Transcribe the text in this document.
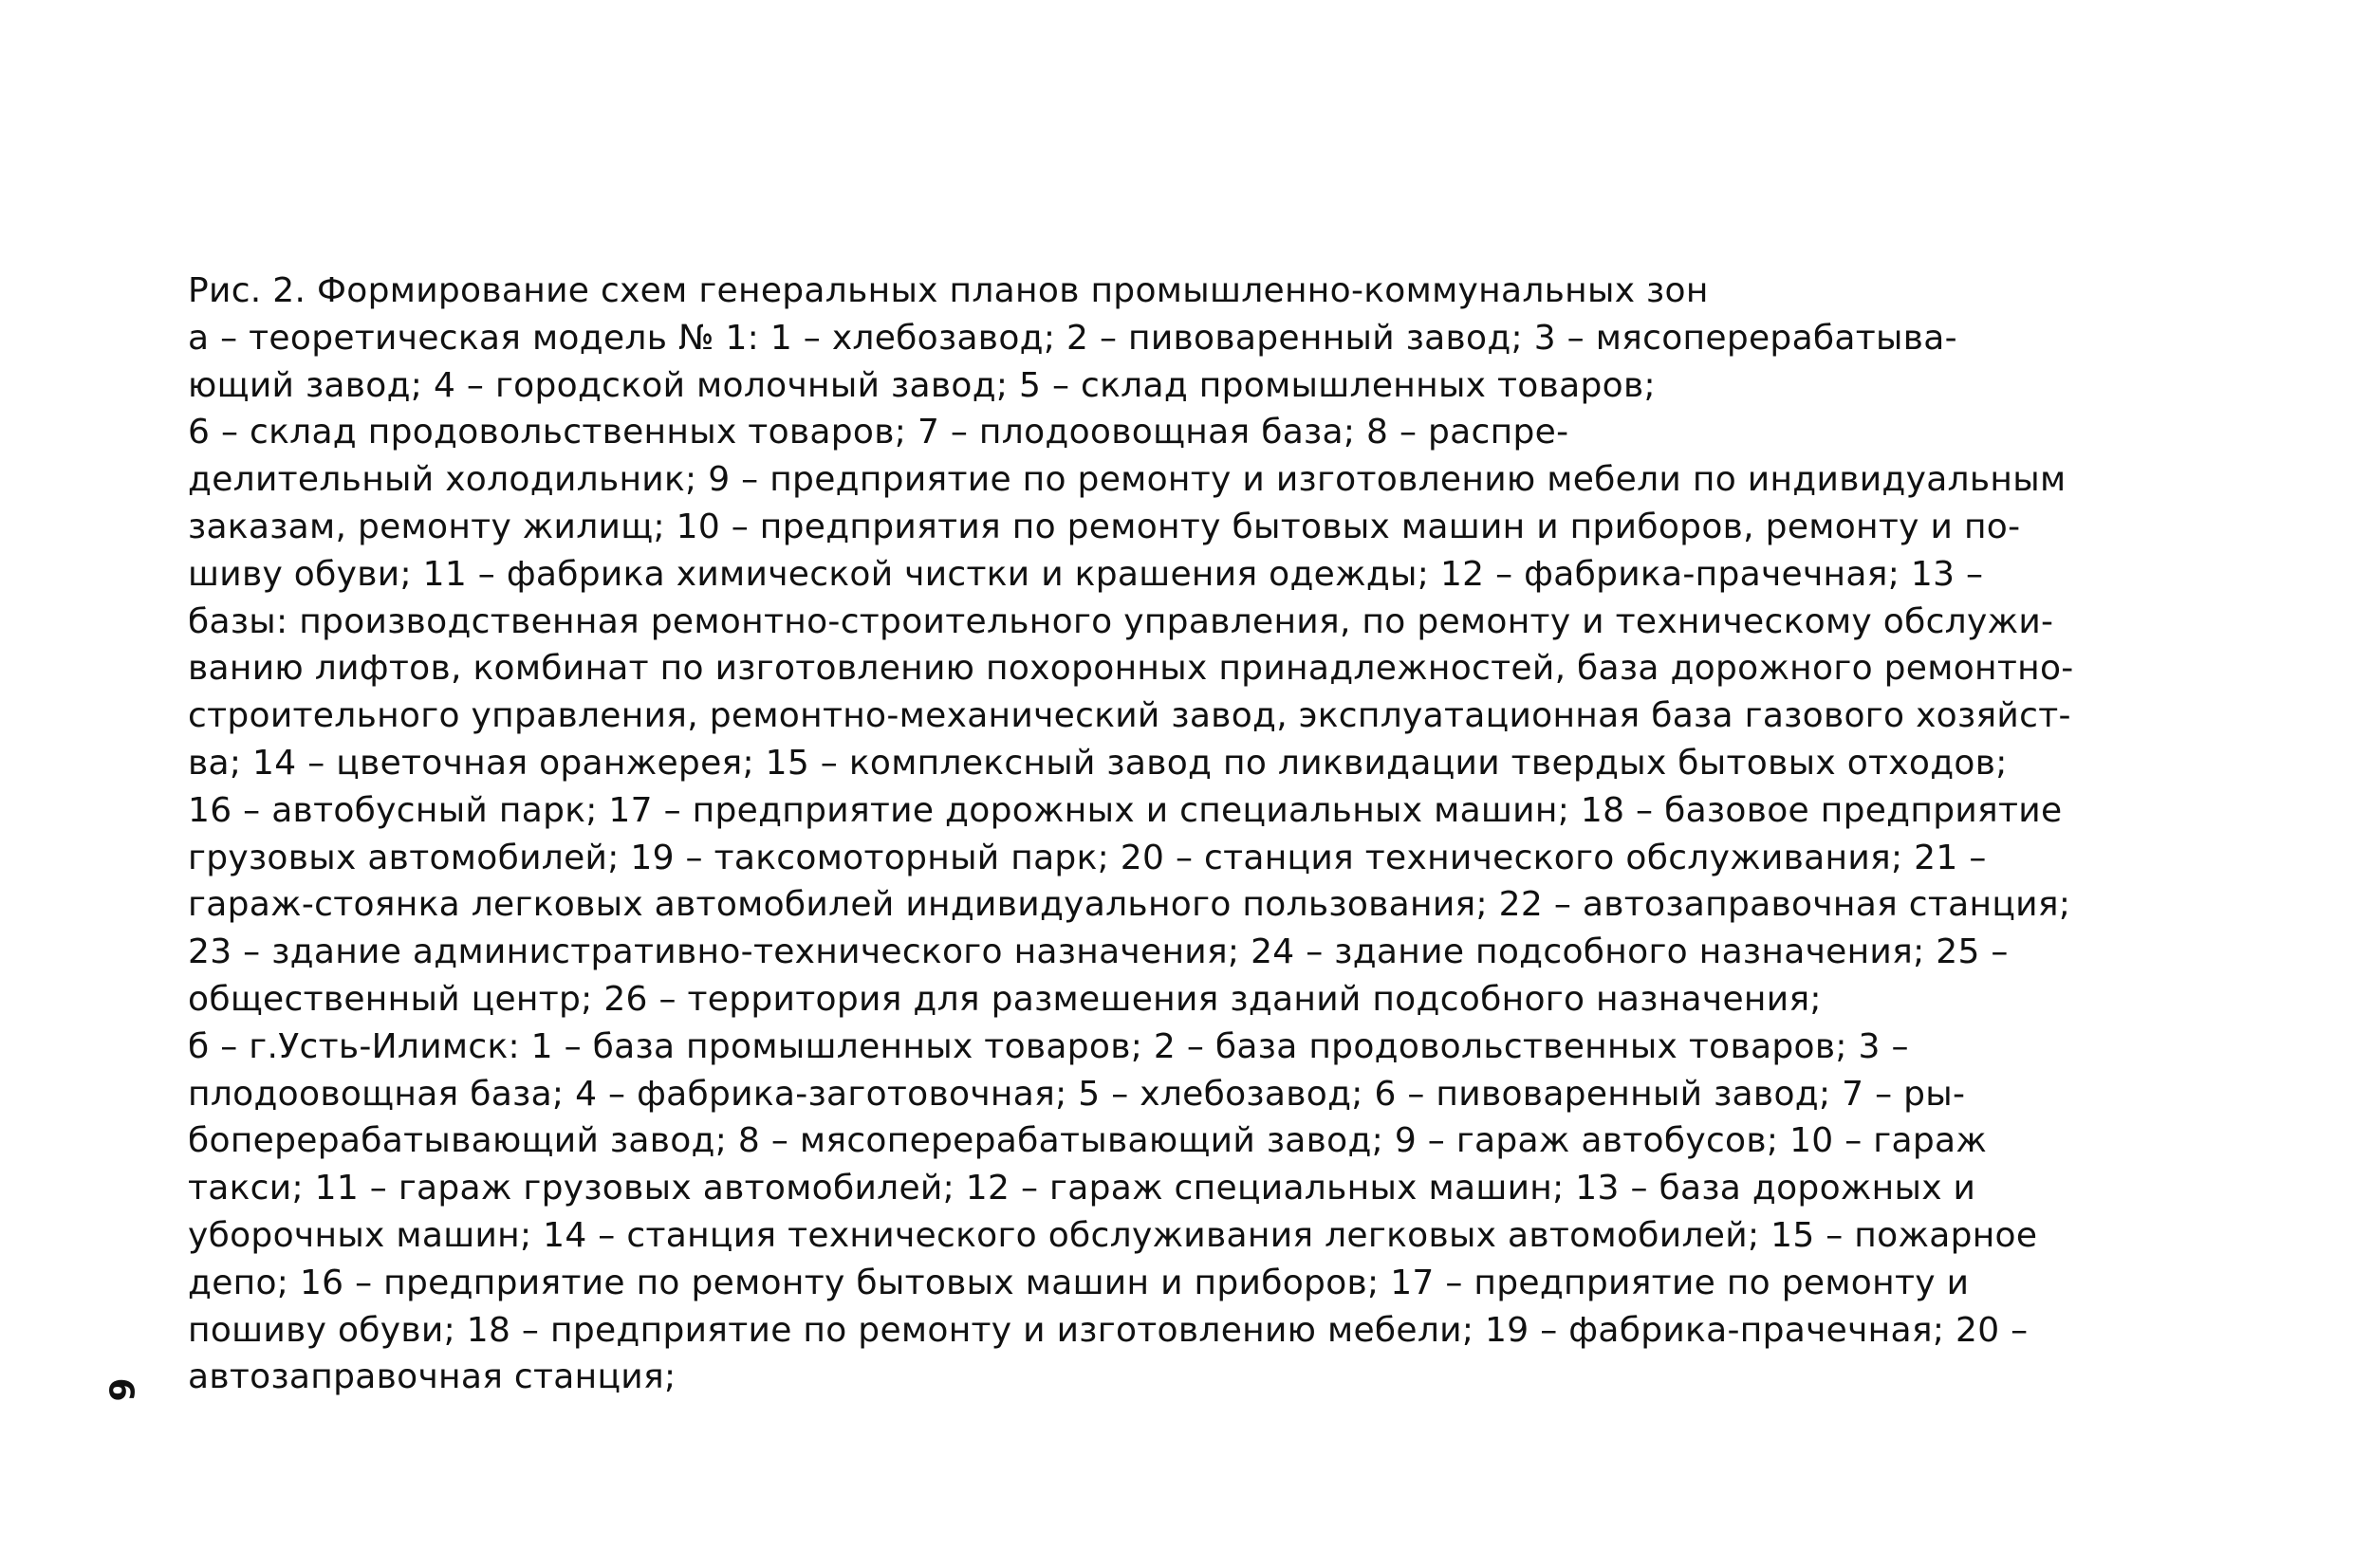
Рис. 2. Формирование схем генеральных планов промышленно-коммунальных зон
а – теоретическая модель № 1: 1 – хлебозавод; 2 – пивоваренный завод; 3 – мясоперерабатыва-
ющий завод; 4 – городской молочный завод; 5 – склад промышленных товаров;
6 – склад продовольственных товаров; 7 – плодоовощная база; 8 – распре-
делительный холодильник; 9 – предприятие по ремонту и изготовлению мебели по индивидуальным
заказам, ремонту жилищ; 10 – предприятия по ремонту бытовых машин и приборов, ремонту и по-
шиву обуви; 11 – фабрика химической чистки и крашения одежды; 12 – фабрика-прачечная; 13 –
базы: производственная ремонтно-строительного управления, по ремонту и техническому обслужи-
ванию лифтов, комбинат по изготовлению похоронных принадлежностей, база дорожного ремонтно-
строительного управления, ремонтно-механический завод, эксплуатационная база газового хозяйст-
ва; 14 – цветочная оранжерея; 15 – комплексный завод по ликвидации твердых бытовых отходов;
16 – автобусный парк; 17 – предприятие дорожных и специальных машин; 18 – базовое предприятие
грузовых автомобилей; 19 – таксомоторный парк; 20 – станция технического обслуживания; 21 –
гараж-стоянка легковых автомобилей индивидуального пользования; 22 – автозаправочная станция;
23 – здание административно-технического назначения; 24 – здание подсобного назначения; 25 –
общественный центр; 26 – территория для размешения зданий подсобного назначения;
б – г.Усть-Илимск: 1 – база промышленных товаров; 2 – база продовольственных товаров; 3 –
плодоовощная база; 4 – фабрика-заготовочная; 5 – хлебозавод; 6 – пивоваренный завод; 7 – ры-
боперерабатывающий завод; 8 – мясоперерабатывающий завод; 9 – гараж автобусов; 10 – гараж
такси; 11 – гараж грузовых автомобилей; 12 – гараж специальных машин; 13 – база дорожных и
уборочных машин; 14 – станция технического обслуживания легковых автомобилей; 15 – пожарное
депо; 16 – предприятие по ремонту бытовых машин и приборов; 17 – предприятие по ремонту и
пошиву обуви; 18 – предприятие по ремонту и изготовлению мебели; 19 – фабрика-прачечная; 20 –
автозаправочная станция;
9
